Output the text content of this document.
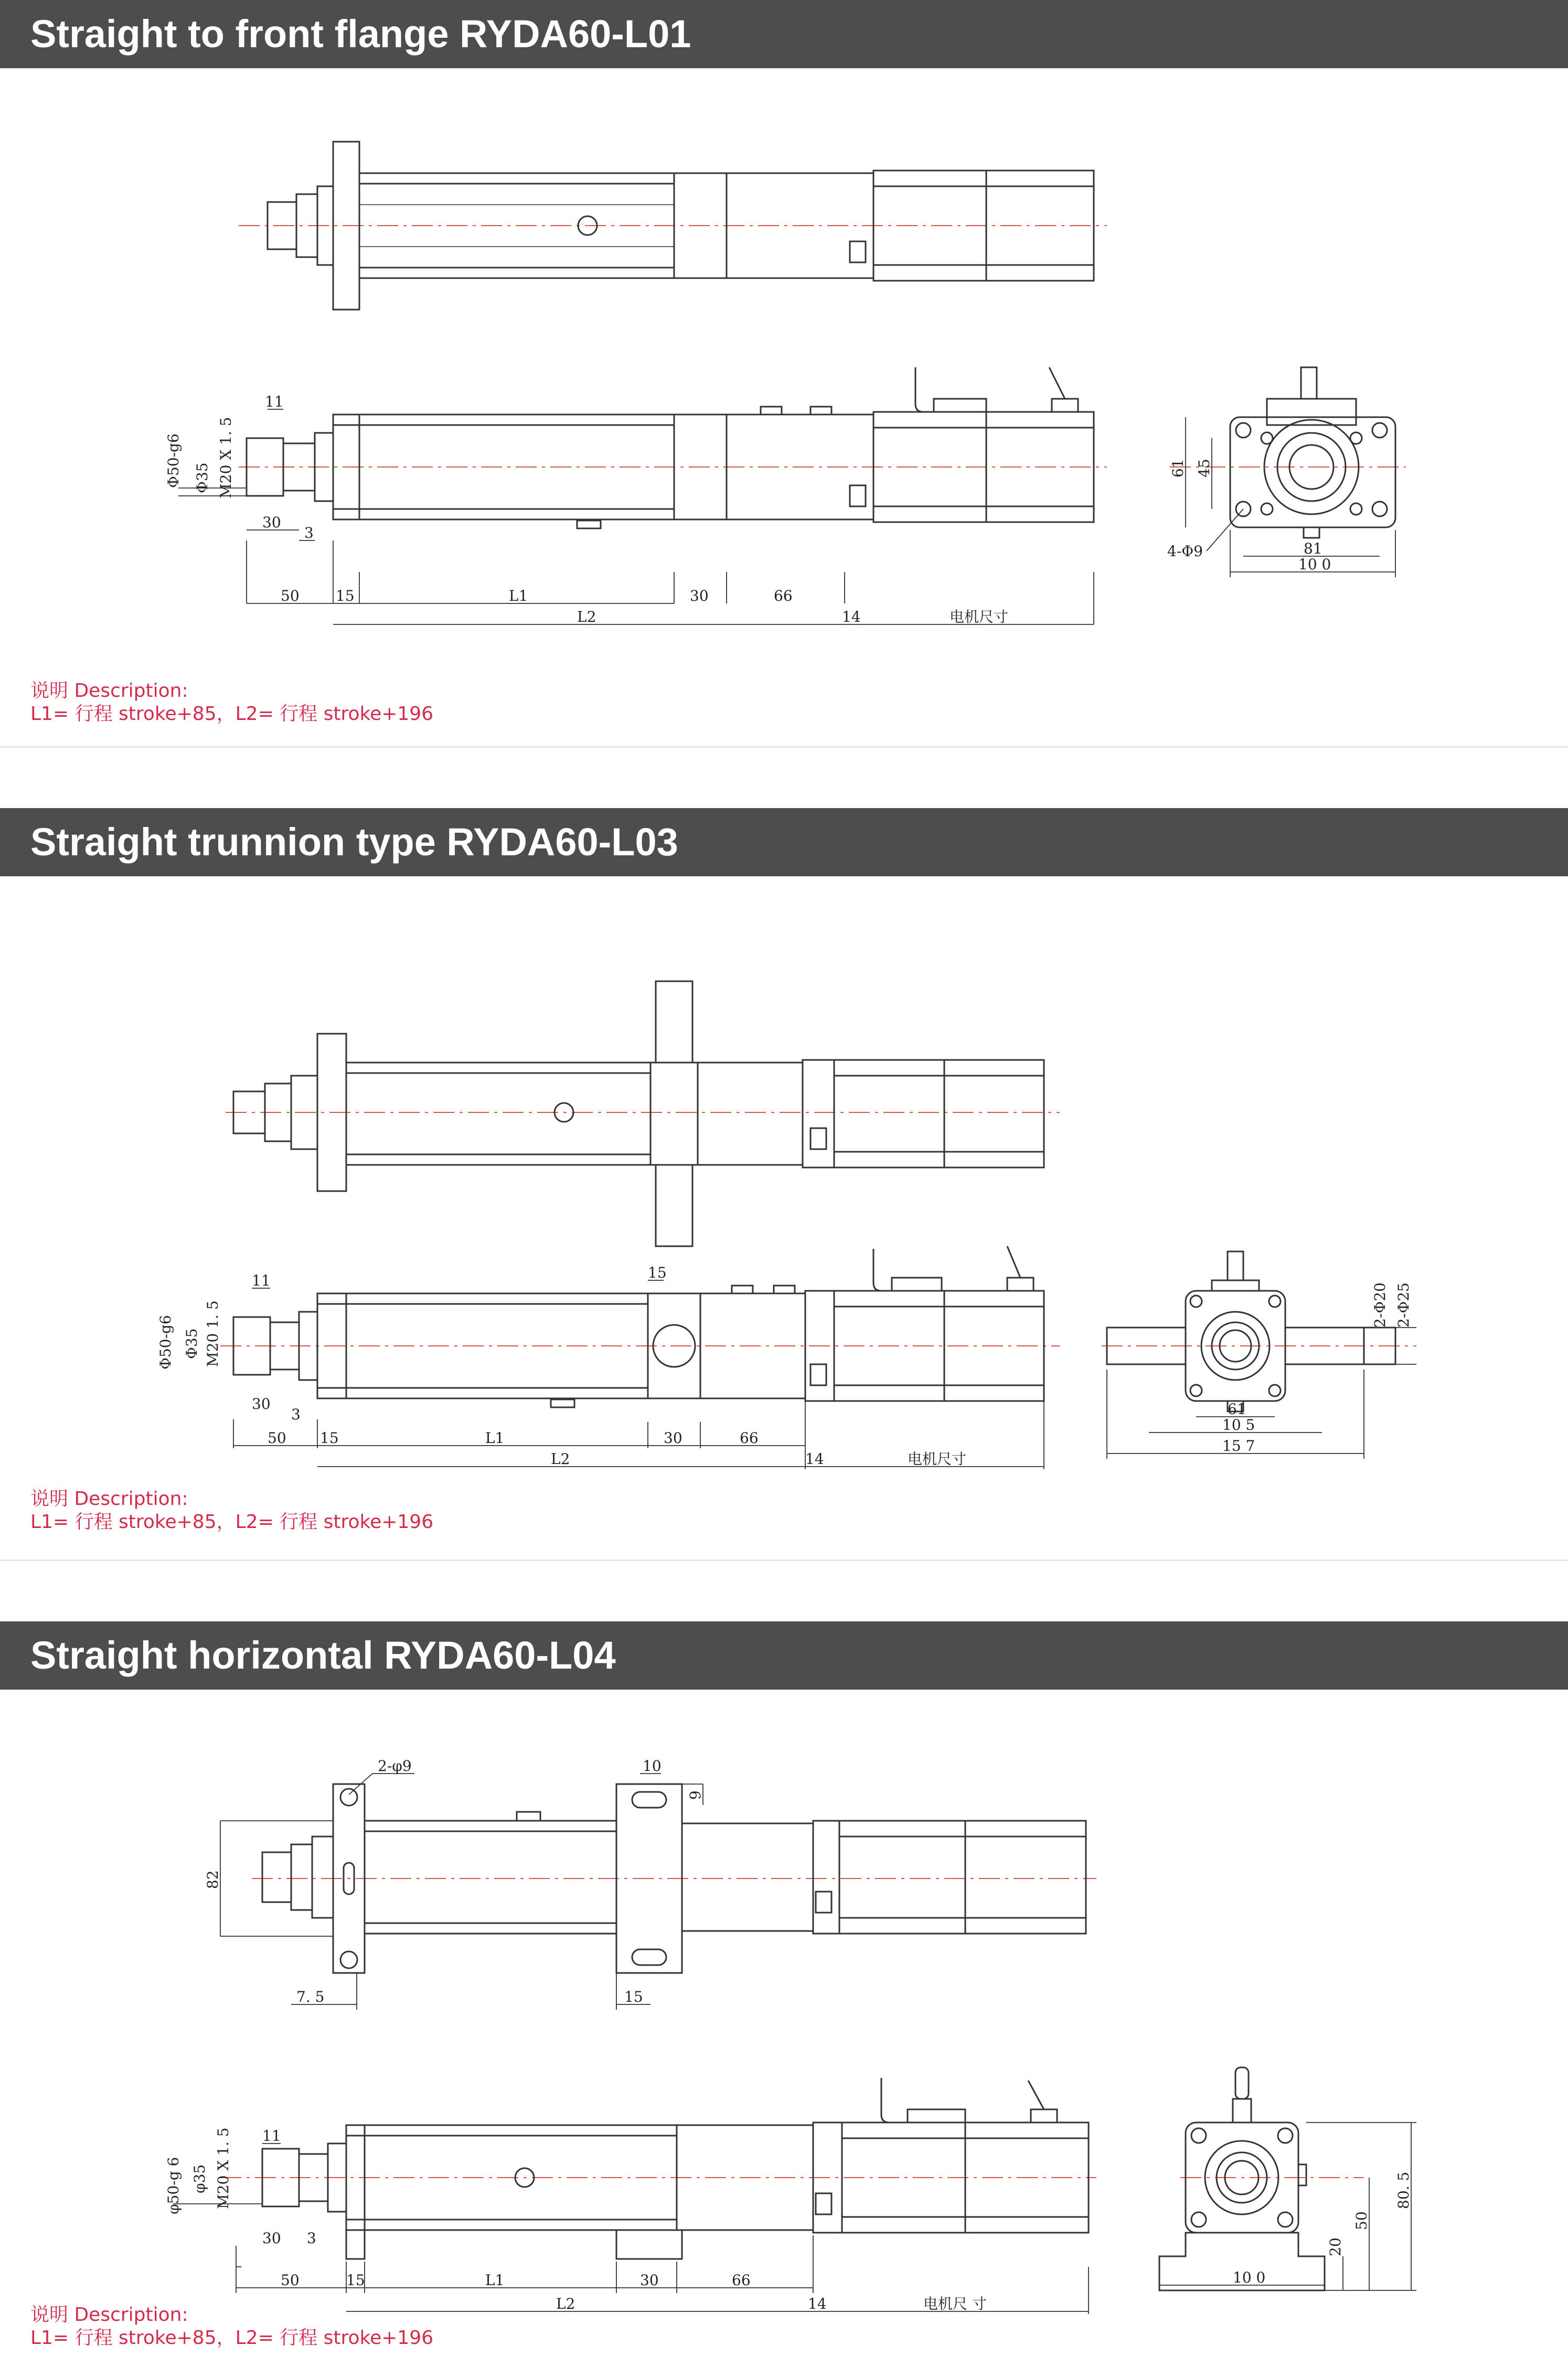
Straight to front flange RYDA60-L01
11
Φ50-g6 Φ35 M20 X 1. 5
30
3
50 15	L1	30	66
L2	14	电机尺寸
61 45
81
10 0
4-Φ9
说明 Description:
L1= 行程 stroke+85，L2= 行程 stroke+196
Straight trunnion type RYDA60-L03
11	15
Φ50-g6 Φ35 M20 1. 5
30
3
50 15	L1	30	66
L2	14	电机尺寸
2-Φ20 2-Φ25
61
10 5
15 7
说明 Description:
L1= 行程 stroke+85，L2= 行程 stroke+196
Straight horizontal RYDA60-L04
2-φ9	10
9
82
7. 5	15
11
φ50-g 6 φ35 M20 X 1. 5
30 3
50	15	L1	30	66
L2	14	电机尺 寸
10 0
80. 5
50
20
说明 Description:
L1= 行程 stroke+85，L2= 行程 stroke+196
